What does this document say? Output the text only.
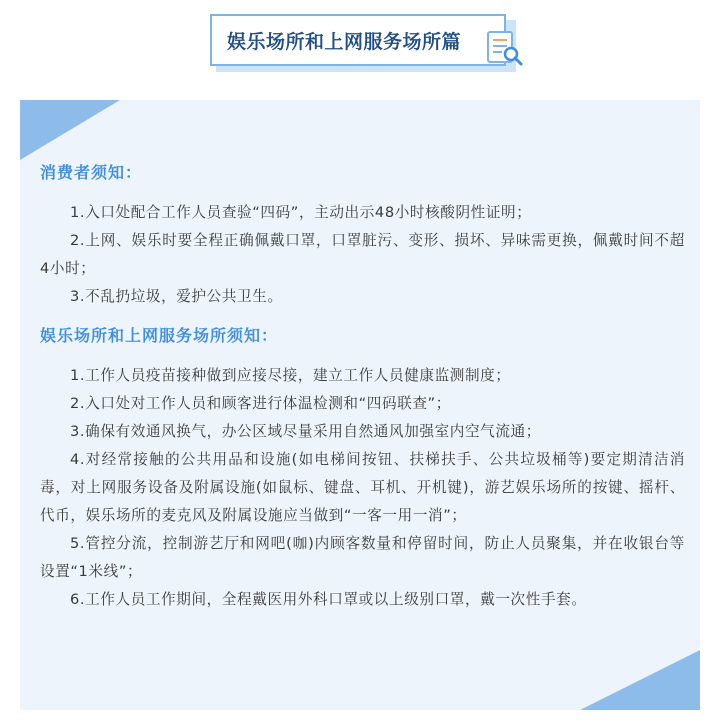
娱乐场所和上网服务场所篇

消费者须知：

1.入口处配合工作人员查验“四码”，主动出示48小时核酸阴性证明；

2.上网、娱乐时要全程正确佩戴口罩，口罩脏污、变形、损坏、异味需更换，佩戴时间不超4小时；

3.不乱扔垃圾，爱护公共卫生。

娱乐场所和上网服务场所须知：

1.工作人员疫苗接种做到应接尽接，建立工作人员健康监测制度；

2.入口处对工作人员和顾客进行体温检测和“四码联查”；

3.确保有效通风换气，办公区域尽量采用自然通风加强室内空气流通；

4.对经常接触的公共用品和设施(如电梯间按钮、扶梯扶手、公共垃圾桶等)要定期清洁消毒，对上网服务设备及附属设施(如鼠标、键盘、耳机、开机键)，游艺娱乐场所的按键、摇杆、代币，娱乐场所的麦克风及附属设施应当做到“一客一用一消”；

5.管控分流，控制游艺厅和网吧(咖)内顾客数量和停留时间，防止人员聚集，并在收银台等设置“1米线”；

6.工作人员工作期间，全程戴医用外科口罩或以上级别口罩，戴一次性手套。
